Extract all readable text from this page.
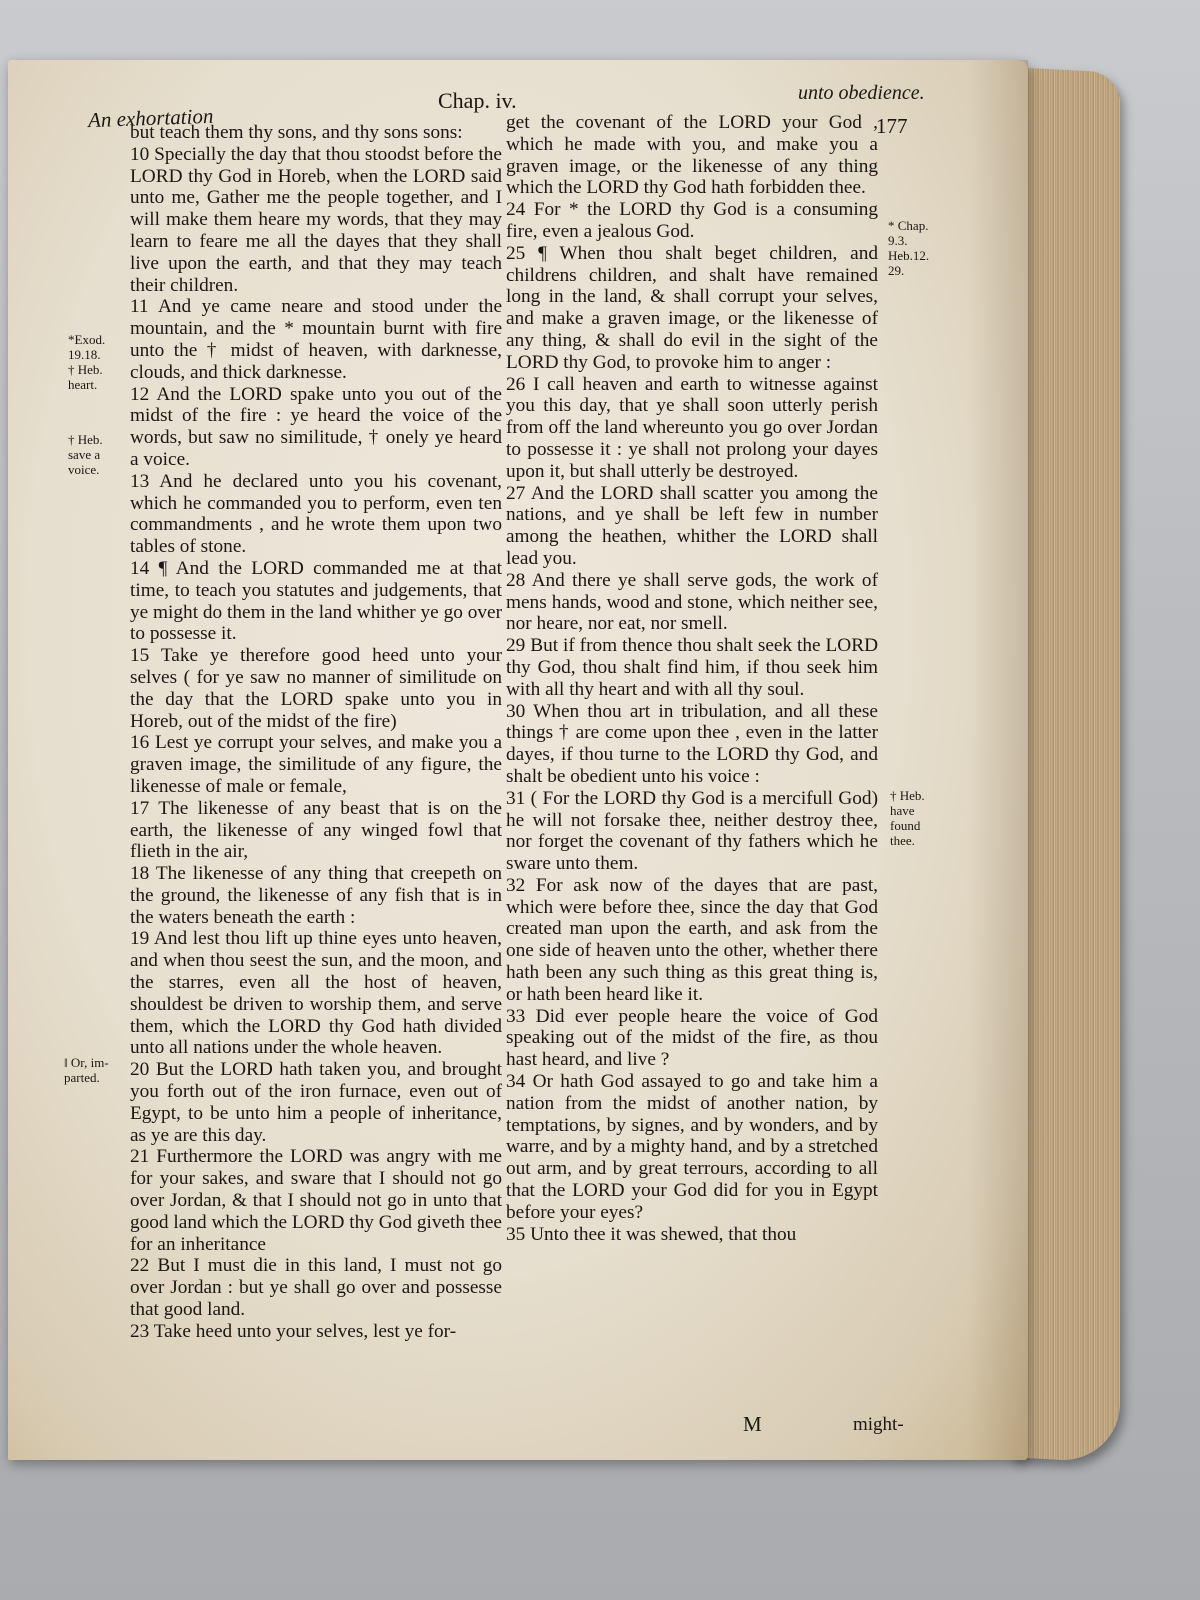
An exhortation
Chap. iv.	unto obedience.
177

but teach them thy sons, and thy sons sons:

10 Specially the day that thou stoodst before the LORD thy God in Horeb, when the LORD said unto me, Gather me the people together, and I will make them heare my words, that they may learn to feare me all the dayes that they shall live upon the earth, and that they may teach their children.

11 And ye came neare and stood under the mountain, and the * mountain burnt with fire unto the † midst of heaven, with darknesse, clouds, and thick darknesse.

12 And the LORD spake unto you out of the midst of the fire : ye heard the voice of the words, but saw no similitude, † onely ye heard a voice.

13 And he declared unto you his covenant, which he commanded you to perform, even ten commandments , and he wrote them upon two tables of stone.

14 ¶ And the LORD commanded me at that time, to teach you statutes and judgements, that ye might do them in the land whither ye go over to possesse it.

15 Take ye therefore good heed unto your selves ( for ye saw no manner of similitude on the day that the LORD spake unto you in Horeb, out of the midst of the fire)

16 Lest ye corrupt your selves, and make you a graven image, the similitude of any figure, the likenesse of male or female,

17 The likenesse of any beast that is on the earth, the likenesse of any winged fowl that flieth in the air,

18 The likenesse of any thing that creepeth on the ground, the likenesse of any fish that is in the waters beneath the earth :

19 And lest thou lift up thine eyes unto heaven, and when thou seest the sun, and the moon, and the starres, even all the host of heaven, shouldest be driven to worship them, and serve them, which the LORD thy God hath divided unto all nations under the whole heaven.

20 But the LORD hath taken you, and brought you forth out of the iron furnace, even out of Egypt, to be unto him a people of inheritance, as ye are this day.

21 Furthermore the LORD was angry with me for your sakes, and sware that I should not go over Jordan, & that I should not go in unto that good land which the LORD thy God giveth thee for an inheritance

22 But I must die in this land, I must not go over Jordan : but ye shall go over and possesse that good land.

23 Take heed unto your selves, lest ye for-

get the covenant of the LORD your God , which he made with you, and make you a graven image, or the likenesse of any thing which the LORD thy God hath forbidden thee.

24 For * the LORD thy God is a consuming fire, even a jealous God.

25 ¶ When thou shalt beget children, and childrens children, and shalt have remained long in the land, & shall corrupt your selves, and make a graven image, or the likenesse of any thing, & shall do evil in the sight of the LORD thy God, to provoke him to anger :

26 I call heaven and earth to witnesse against you this day, that ye shall soon utterly perish from off the land whereunto you go over Jordan to possesse it : ye shall not prolong your dayes upon it, but shall utterly be destroyed.

27 And the LORD shall scatter you among the nations, and ye shall be left few in number among the heathen, whither the LORD shall lead you.

28 And there ye shall serve gods, the work of mens hands, wood and stone, which neither see, nor heare, nor eat, nor smell.

29 But if from thence thou shalt seek the LORD thy God, thou shalt find him, if thou seek him with all thy heart and with all thy soul.

30 When thou art in tribulation, and all these things † are come upon thee , even in the latter dayes, if thou turne to the LORD thy God, and shalt be obedient unto his voice :

31 ( For the LORD thy God is a mercifull God) he will not forsake thee, neither destroy thee, nor forget the covenant of thy fathers which he sware unto them.

32 For ask now of the dayes that are past, which were before thee, since the day that God created man upon the earth, and ask from the one side of heaven unto the other, whether there hath been any such thing as this great thing is, or hath been heard like it.

33 Did ever people heare the voice of God speaking out of the midst of the fire, as thou hast heard, and live ?

34 Or hath God assayed to go and take him a nation from the midst of another nation, by temptations, by signes, and by wonders, and by warre, and by a mighty hand, and by a stretched out arm, and by great terrours, according to all that the LORD your God did for you in Egypt before your eyes?

35 Unto thee it was shewed, that thou

*Exod.
19.18.
† Heb.
heart.
† Heb.
save a
voice.
‖ Or, im-
parted.
* Chap.
9.3.
Heb.12.
29.
† Heb.
have
found
thee.
M	might-
